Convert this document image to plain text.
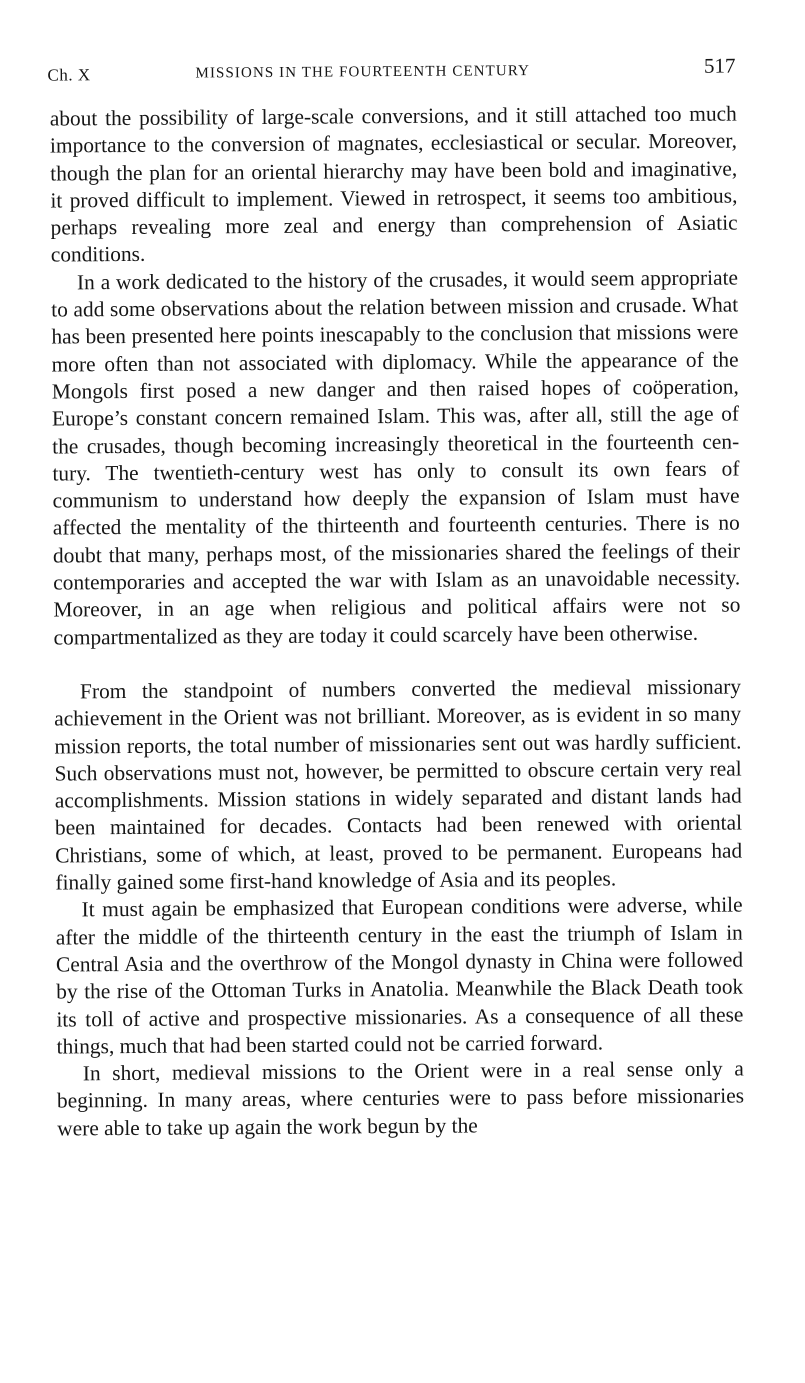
Ch. X	MISSIONS IN THE FOURTEENTH CENTURY	517

about the possibility of large-scale conversions, and it still attached too much importance to the conversion of magnates, ecclesiastical or secular. Moreover, though the plan for an oriental hierarchy may have been bold and imaginative, it proved difficult to implement. Viewed in retrospect, it seems too ambitious, perhaps revealing more zeal and energy than comprehension of Asiatic conditions.

In a work dedicated to the history of the crusades, it would seem appropriate to add some observations about the relation between mission and crusade. What has been presented here points inescapably to the conclusion that missions were more often than not associated with diplomacy. While the appearance of the Mongols first posed a new danger and then raised hopes of coöperation, Europe’s constant concern remained Islam. This was, after all, still the age of the crusades, though becoming increasingly theoretical in the fourteenth century. The twentieth-century west has only to consult its own fears of communism to understand how deeply the expansion of Islam must have affected the mentality of the thirteenth and fourteenth centuries. There is no doubt that many, perhaps most, of the missionaries shared the feelings of their contemporaries and accepted the war with Islam as an unavoidable necessity. Moreover, in an age when religious and political affairs were not so compartmentalized as they are today it could scarcely have been otherwise.

From the standpoint of numbers converted the medieval missionary achievement in the Orient was not brilliant. Moreover, as is evident in so many mission reports, the total number of missionaries sent out was hardly sufficient. Such observations must not, however, be permitted to obscure certain very real accomplishments. Mission stations in widely separated and distant lands had been maintained for decades. Contacts had been renewed with oriental Christians, some of which, at least, proved to be permanent. Europeans had finally gained some first-hand knowledge of Asia and its peoples.

It must again be emphasized that European conditions were adverse, while after the middle of the thirteenth century in the east the triumph of Islam in Central Asia and the overthrow of the Mongol dynasty in China were followed by the rise of the Ottoman Turks in Anatolia. Meanwhile the Black Death took its toll of active and prospective missionaries. As a consequence of all these things, much that had been started could not be carried forward.

In short, medieval missions to the Orient were in a real sense only a beginning. In many areas, where centuries were to pass before missionaries were able to take up again the work begun by the
